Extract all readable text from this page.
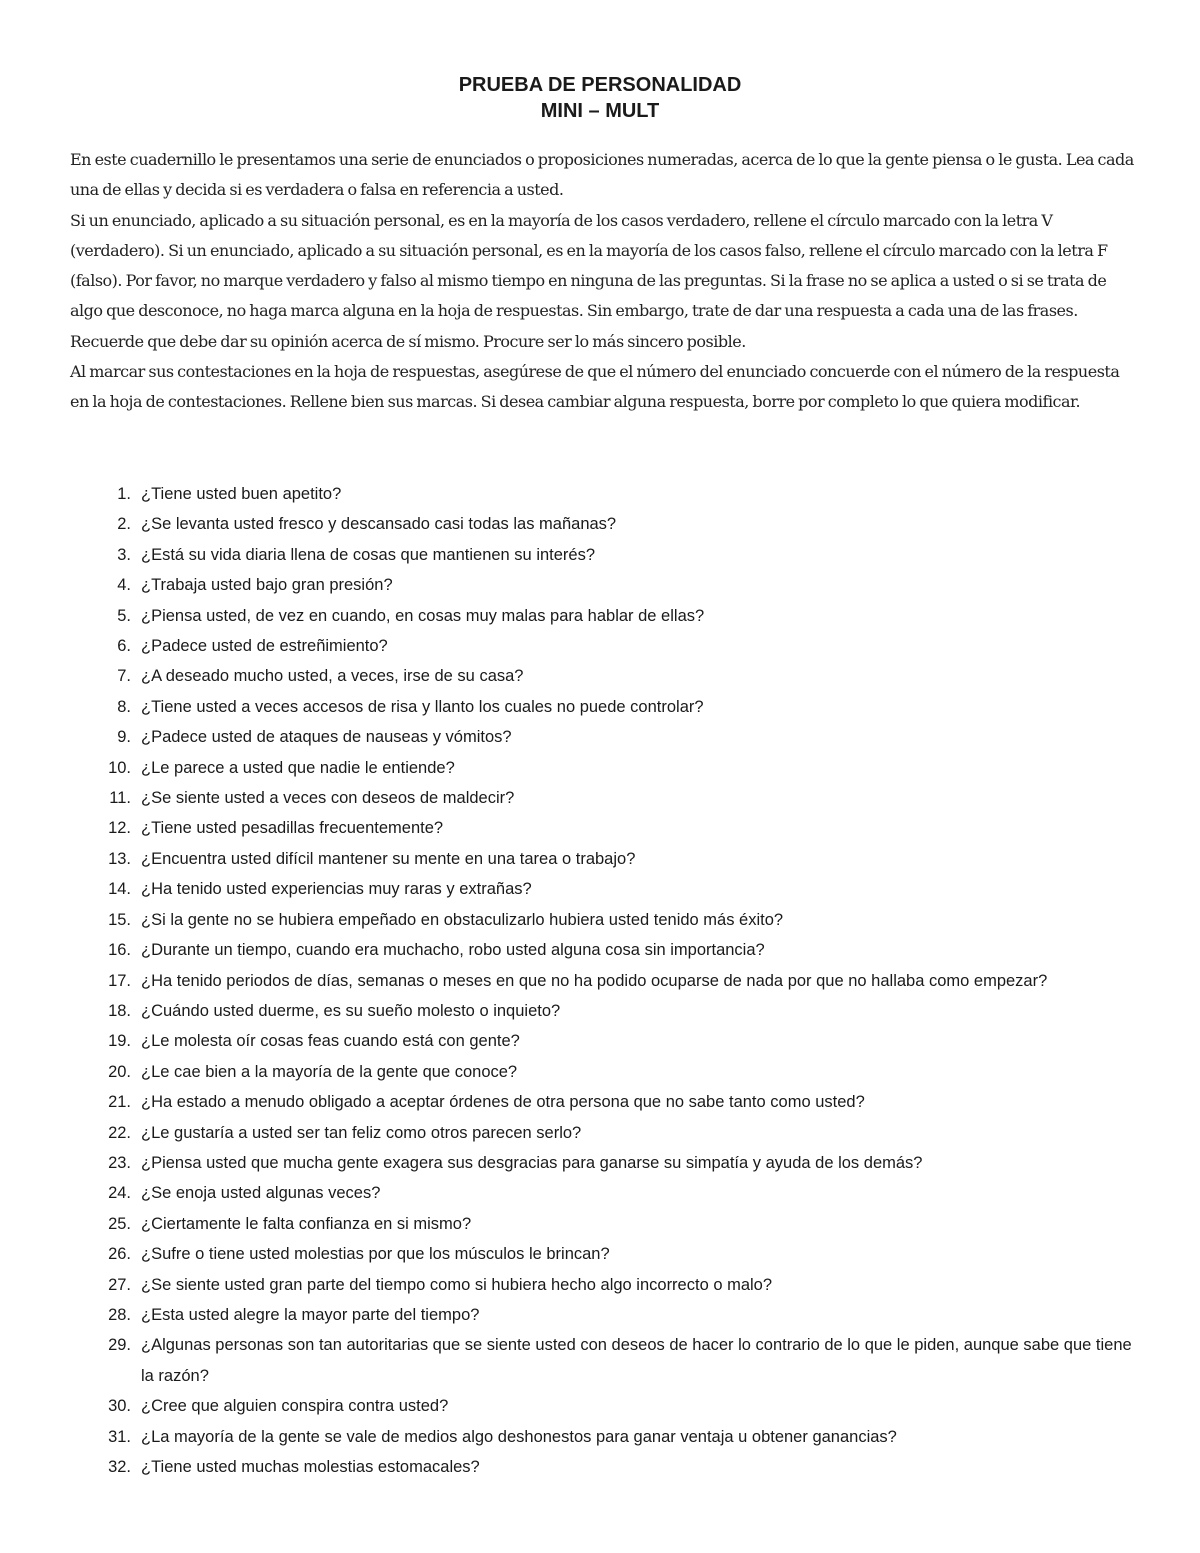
PRUEBA DE PERSONALIDAD
MINI – MULT

En este cuadernillo le presentamos una serie de enunciados o proposiciones numeradas, acerca de lo que la gente piensa o le gusta. Lea cada una de ellas y decida si es verdadera o falsa en referencia a usted.

Si un enunciado, aplicado a su situación personal, es en la mayoría de los casos verdadero, rellene el círculo marcado con la letra V (verdadero). Si un enunciado, aplicado a su situación personal, es en la mayoría de los casos falso, rellene el círculo marcado con la letra F (falso). Por favor, no marque verdadero y falso al mismo tiempo en ninguna de las preguntas. Si la frase no se aplica a usted o si se trata de algo que desconoce, no haga marca alguna en la hoja de respuestas. Sin embargo, trate de dar una respuesta a cada una de las frases.

Recuerde que debe dar su opinión acerca de sí mismo. Procure ser lo más sincero posible.

Al marcar sus contestaciones en la hoja de respuestas, asegúrese de que el número del enunciado concuerde con el número de la respuesta en la hoja de contestaciones. Rellene bien sus marcas. Si desea cambiar alguna respuesta, borre por completo lo que quiera modificar.

1. ¿Tiene usted buen apetito?
2. ¿Se levanta usted fresco y descansado casi todas las mañanas?
3. ¿Está su vida diaria llena de cosas que mantienen su interés?
4. ¿Trabaja usted bajo gran presión?
5. ¿Piensa usted, de vez en cuando, en cosas muy malas para hablar de ellas?
6. ¿Padece usted de estreñimiento?
7. ¿A deseado mucho usted, a veces, irse de su casa?
8. ¿Tiene usted a veces accesos de risa y llanto los cuales no puede controlar?
9. ¿Padece usted de ataques de nauseas y vómitos?
10. ¿Le parece a usted que nadie le entiende?
11. ¿Se siente usted a veces con deseos de maldecir?
12. ¿Tiene usted pesadillas frecuentemente?
13. ¿Encuentra usted difícil mantener su mente en una tarea o trabajo?
14. ¿Ha tenido usted experiencias muy raras y extrañas?
15. ¿Si la gente no se hubiera empeñado en obstaculizarlo hubiera usted tenido más éxito?
16. ¿Durante un tiempo, cuando era muchacho, robo usted alguna cosa sin importancia?
17. ¿Ha tenido periodos de días, semanas o meses en que no ha podido ocuparse de nada por que no hallaba como empezar?
18. ¿Cuándo usted duerme, es su sueño molesto o inquieto?
19. ¿Le molesta oír cosas feas cuando está con gente?
20. ¿Le cae bien a la mayoría de la gente que conoce?
21. ¿Ha estado a menudo obligado a aceptar órdenes de otra persona que no sabe tanto como usted?
22. ¿Le gustaría a usted ser tan feliz como otros parecen serlo?
23. ¿Piensa usted que mucha gente exagera sus desgracias para ganarse su simpatía y ayuda de los demás?
24. ¿Se enoja usted algunas veces?
25. ¿Ciertamente le falta confianza en si mismo?
26. ¿Sufre o tiene usted molestias por que los músculos le brincan?
27. ¿Se siente usted gran parte del tiempo como si hubiera hecho algo incorrecto o malo?
28. ¿Esta usted alegre la mayor parte del tiempo?
29. ¿Algunas personas son tan autoritarias que se siente usted con deseos de hacer lo contrario de lo que le piden, aunque sabe que tiene la razón?
30. ¿Cree que alguien conspira contra usted?
31. ¿La mayoría de la gente se vale de medios algo deshonestos para ganar ventaja u obtener ganancias?
32. ¿Tiene usted muchas molestias estomacales?
